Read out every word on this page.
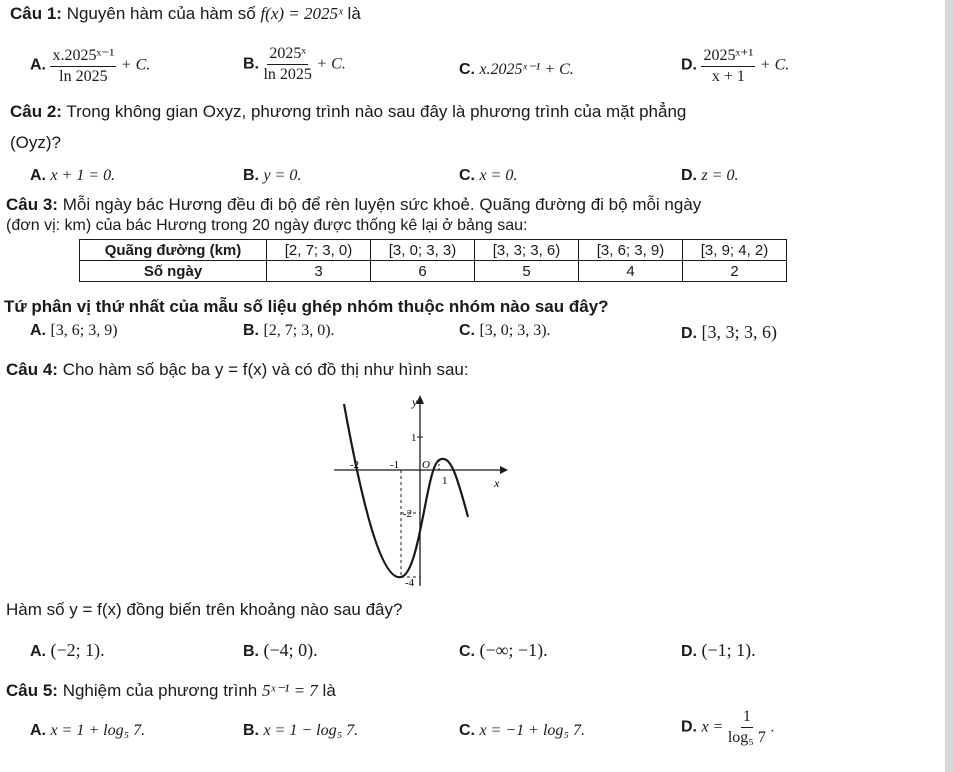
Câu 1: Nguyên hàm của hàm số f(x) = 2025ˣ là
A. $\frac{\text{x.2025ˣ⁻¹}}{\ln 2025} + C$.	B. $\frac{\text{2025ˣ}}{\ln 2025} + C$.	C. x.2025ˣ⁻¹ + C.	D. $\frac{\text{2025ˣ⁺¹}}{x + 1} + C$.
Câu 2: Trong không gian Oxyz, phương trình nào sau đây là phương trình của mặt phẳng
(Oyz)?
A. x + 1 = 0.	B. y = 0.	C. x = 0.	D. z = 0.
Câu 3: Mỗi ngày bác Hương đều đi bộ để rèn luyện sức khoẻ. Quãng đường đi bộ mỗi ngày
(đơn vị: km) của bác Hương trong 20 ngày được thống kê lại ở bảng sau:
Quãng đường (km)	[2, 7; 3, 0)	[3, 0; 3, 3)	[3, 3; 3, 6)	[3, 6; 3, 9)	[3, 9; 4, 2)
Số ngày	3	6	5	4	2
Tứ phân vị thứ nhất của mẫu số liệu ghép nhóm thuộc nhóm nào sau đây?
A. [3, 6; 3, 9)	B. [2, 7; 3, 0).	C. [3, 0; 3, 3).	D. [3, 3; 3, 6)
Câu 4: Cho hàm số bậc ba y = f(x) và có đồ thị như hình sau:
y
x
O
-2	-1
1
1
-2
-4
Hàm số y = f(x) đồng biến trên khoảng nào sau đây?
A. (−2; 1).	B. (−4; 0).	C. (−∞; −1).	D. (−1; 1).
Câu 5: Nghiệm của phương trình 5ˣ⁻¹ = 7 là
A. x = 1 + log₅ 7.	B. x = 1 − log₅ 7.	C. x = −1 + log₅ 7.	D. $x = \frac{1}{\text{log₅ 7}}$ .
